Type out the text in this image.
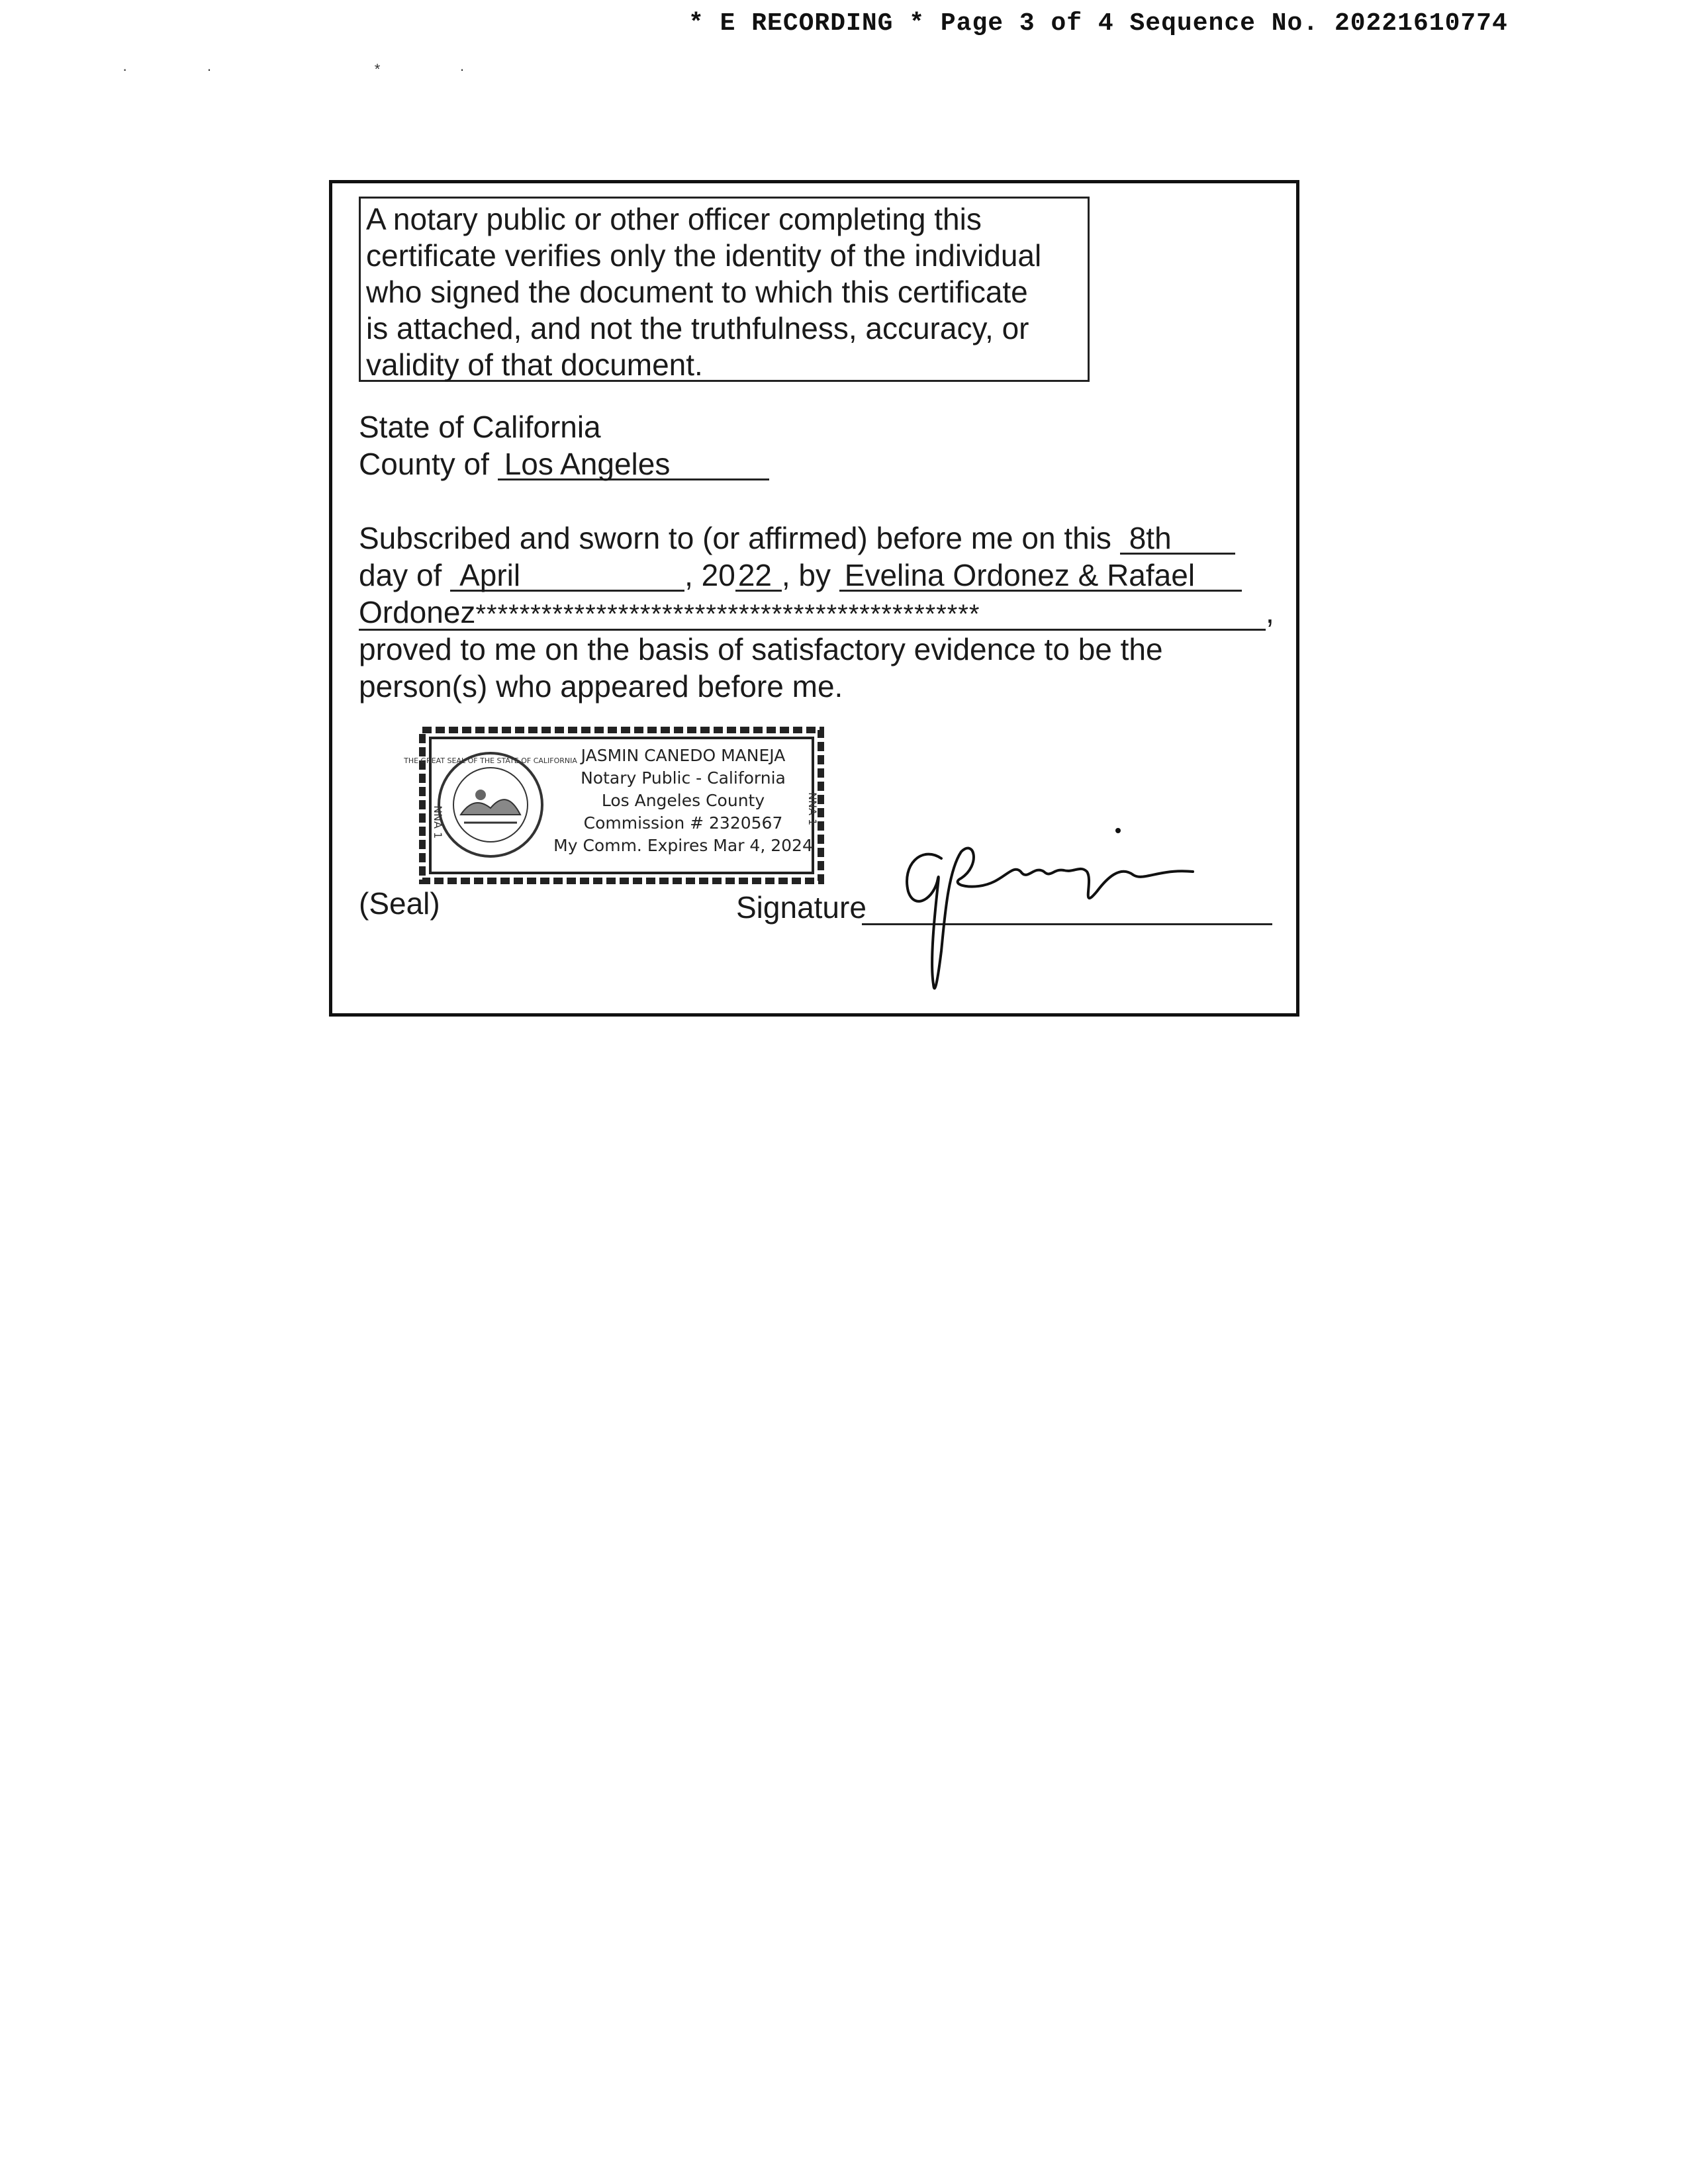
* E RECORDING * Page 3 of 4 Sequence No. 20221610774
·· *·
A notary public or other officer completing this
certificate verifies only the identity of the individual
who signed the document to which this certificate
is attached, and not the truthfulness, accuracy, or
validity of that document.
State of California
County of Los Angeles
Subscribed and sworn to (or affirmed) before me on this 8th
day of April	, 2022 , by Evelina Ordonez & Rafael
Ordonez**********************************************	,
proved to me on the basis of satisfactory evidence to be the
person(s) who appeared before me.
NNA 1	NNA 1
THE GREAT SEAL OF THE STATE OF CALIFORNIA JASMIN CANEDO MANEJA
Notary Public - California
Los Angeles County
Commission # 2320567
My Comm. Expires Mar 4, 2024
(Seal)	Signature
